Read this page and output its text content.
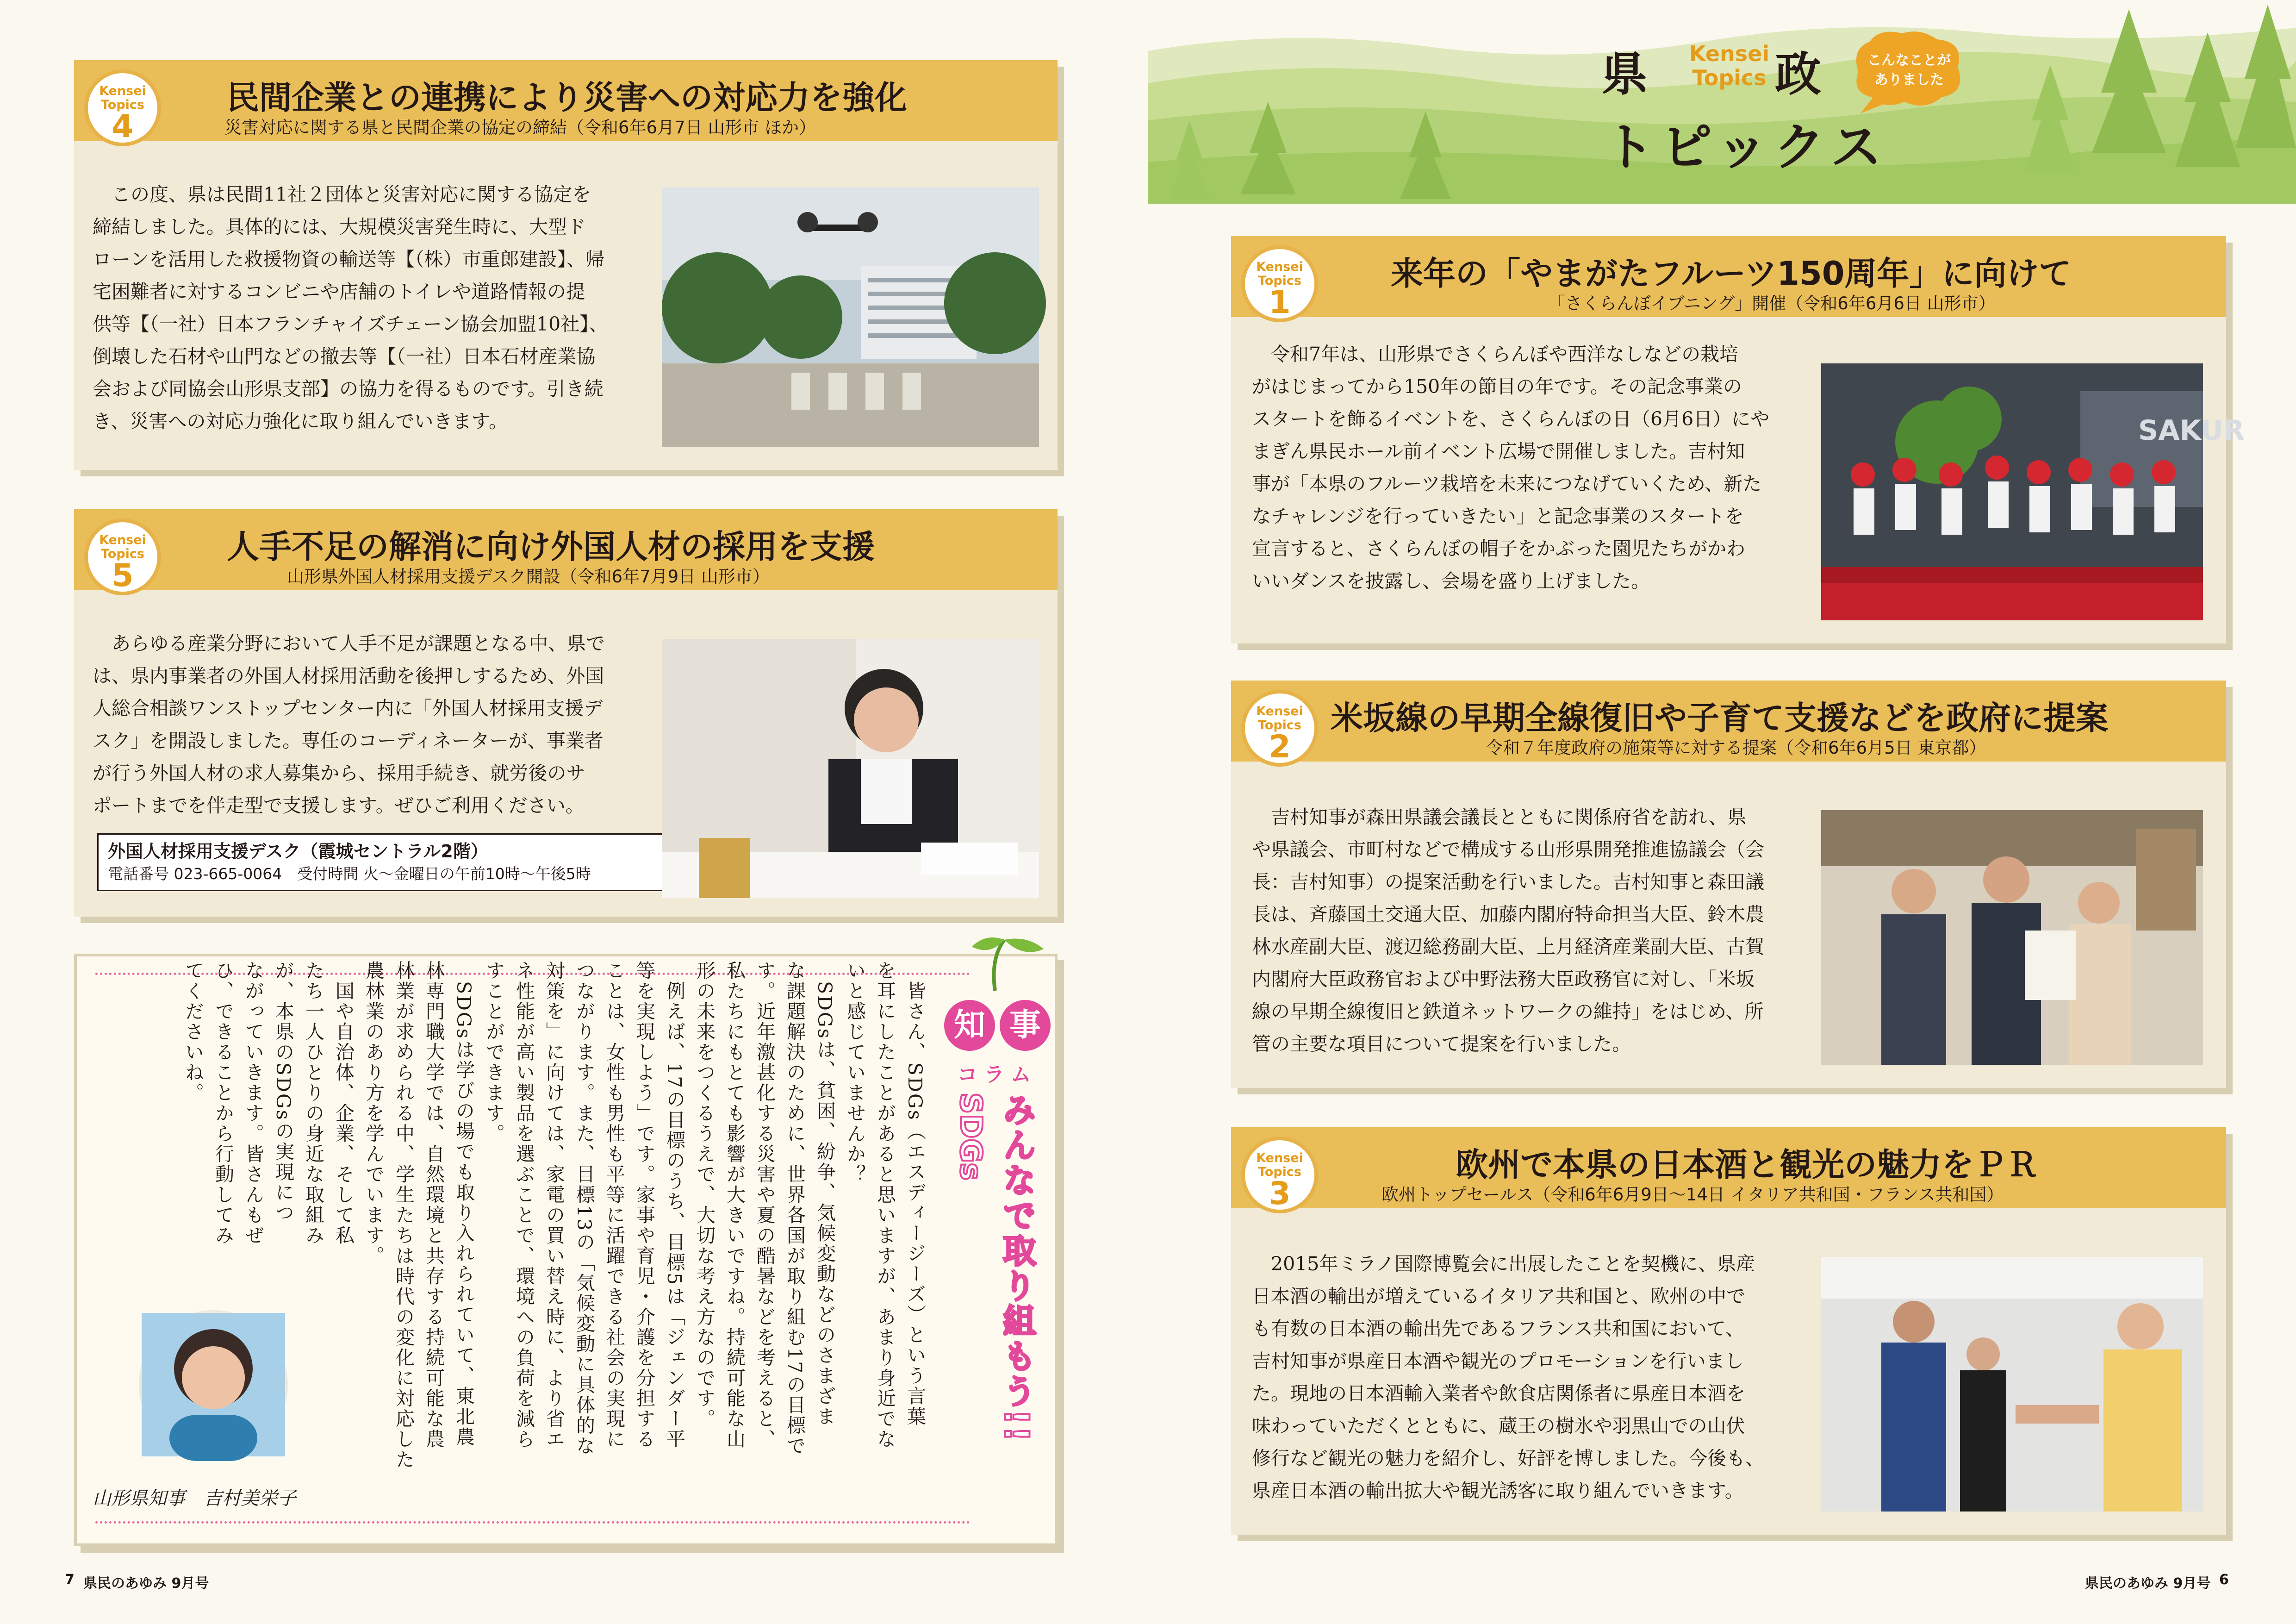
県	政
Kensei
Topics
トピックス
こんなことが
ありました
Kensei
Topics
1
来年の「やまがたフルーツ150周年」に向けて
「さくらんぼイブニング」開催（令和6年6月6日 山形市）

　令和7年は、山形県でさくらんぼや西洋なしなどの栽培

がはじまってから150年の節目の年です。その記念事業の

スタートを飾るイベントを、さくらんぼの日（6月6日）にや

まぎん県民ホール前イベント広場で開催しました。吉村知

事が「本県のフルーツ栽培を未来につなげていくため、新た

なチャレンジを行っていきたい」と記念事業のスタートを

宣言すると、さくらんぼの帽子をかぶった園児たちがかわ

いいダンスを披露し、会場を盛り上げました。

SAKUR
Kensei
Topics
2
米坂線の早期全線復旧や子育て支援などを政府に提案
令和７年度政府の施策等に対する提案（令和6年6月5日 東京都）

　吉村知事が森田県議会議長とともに関係府省を訪れ、県

や県議会、市町村などで構成する山形県開発推進協議会（会

長：吉村知事）の提案活動を行いました。吉村知事と森田議

長は、斉藤国土交通大臣、加藤内閣府特命担当大臣、鈴木農

林水産副大臣、渡辺総務副大臣、上月経済産業副大臣、古賀

内閣府大臣政務官および中野法務大臣政務官に対し、「米坂

線の早期全線復旧と鉄道ネットワークの維持」をはじめ、所

管の主要な項目について提案を行いました。

Kensei
Topics
3
欧州で本県の日本酒と観光の魅力をＰＲ
欧州トップセールス（令和6年6月9日〜14日 イタリア共和国・フランス共和国）

　2015年ミラノ国際博覧会に出展したことを契機に、県産

日本酒の輸出が増えているイタリア共和国と、欧州の中で

も有数の日本酒の輸出先であるフランス共和国において、

吉村知事が県産日本酒や観光のプロモーションを行いまし

た。現地の日本酒輸入業者や飲食店関係者に県産日本酒を

味わっていただくとともに、蔵王の樹氷や羽黒山での山伏

修行など観光の魅力を紹介し、好評を博しました。今後も、

県産日本酒の輸出拡大や観光誘客に取り組んでいきます。

Kensei
Topics
4
民間企業との連携により災害への対応力を強化
災害対応に関する県と民間企業の協定の締結（令和6年6月7日 山形市 ほか）

　この度、県は民間11社２団体と災害対応に関する協定を

締結しました。具体的には、大規模災害発生時に、大型ド

ローンを活用した救援物資の輸送等【（株）市重郎建設】、帰

宅困難者に対するコンビニや店舗のトイレや道路情報の提

供等【（一社）日本フランチャイズチェーン協会加盟10社】、

倒壊した石材や山門などの撤去等【（一社）日本石材産業協

会および同協会山形県支部】の協力を得るものです。引き続

き、災害への対応力強化に取り組んでいきます。

Kensei
Topics
5
人手不足の解消に向け外国人材の採用を支援
山形県外国人材採用支援デスク開設（令和6年7月9日 山形市）

　あらゆる産業分野において人手不足が課題となる中、県で

は、県内事業者の外国人材採用活動を後押しするため、外国

人総合相談ワンストップセンター内に「外国人材採用支援デ

スク」を開設しました。専任のコーディネーターが、事業者

が行う外国人材の求人募集から、採用手続き、就労後のサ

ポートまでを伴走型で支援します。ぜひご利用ください。

外国人材採用支援デスク（霞城セントラル2階）
電話番号 023-665-0064　受付時間 火〜金曜日の午前10時〜午後5時
　皆さん、SDGs（エスディージーズ）という言葉
を耳にしたことがあると思いますが、あまり身近でな
いと感じていませんか？
　SDGsは、貧困、紛争、気候変動などのさまざま
な課題解決のために、世界各国が取り組む17の目標で
す。近年激甚化する災害や夏の酷暑などを考えると、
私たちにもとても影響が大きいですね。持続可能な山
形の未来をつくるうえで、大切な考え方なのです。
　例えば、17の目標のうち、目標5は「ジェンダー平
等を実現しよう」です。家事や育児・介護を分担する
ことは、女性も男性も平等に活躍できる社会の実現に
つながります。また、目標13の「気候変動に具体的な
対策を」に向けては、家電の買い替え時に、より省エ
ネ性能が高い製品を選ぶことで、環境への負荷を減ら
すことができます。
　SDGsは学びの場でも取り入れられていて、東北農
林専門職大学では、自然環境と共存する持続可能な農
林業が求められる中、学生たちは時代の変化に対応した
農林業のあり方を学んでいます。
　国や自治体、企業、そして私
たち一人ひとりの身近な取組み
が、本県のSDGsの実現につ
ながっていきます。皆さんもぜ
ひ、できることから行動してみ
てくださいね。	知 事
コラム
みんなで取り組もう!!
SDGs
山形県知事　吉村美栄子
7 県民のあゆみ 9月号	県民のあゆみ 9月号 6
